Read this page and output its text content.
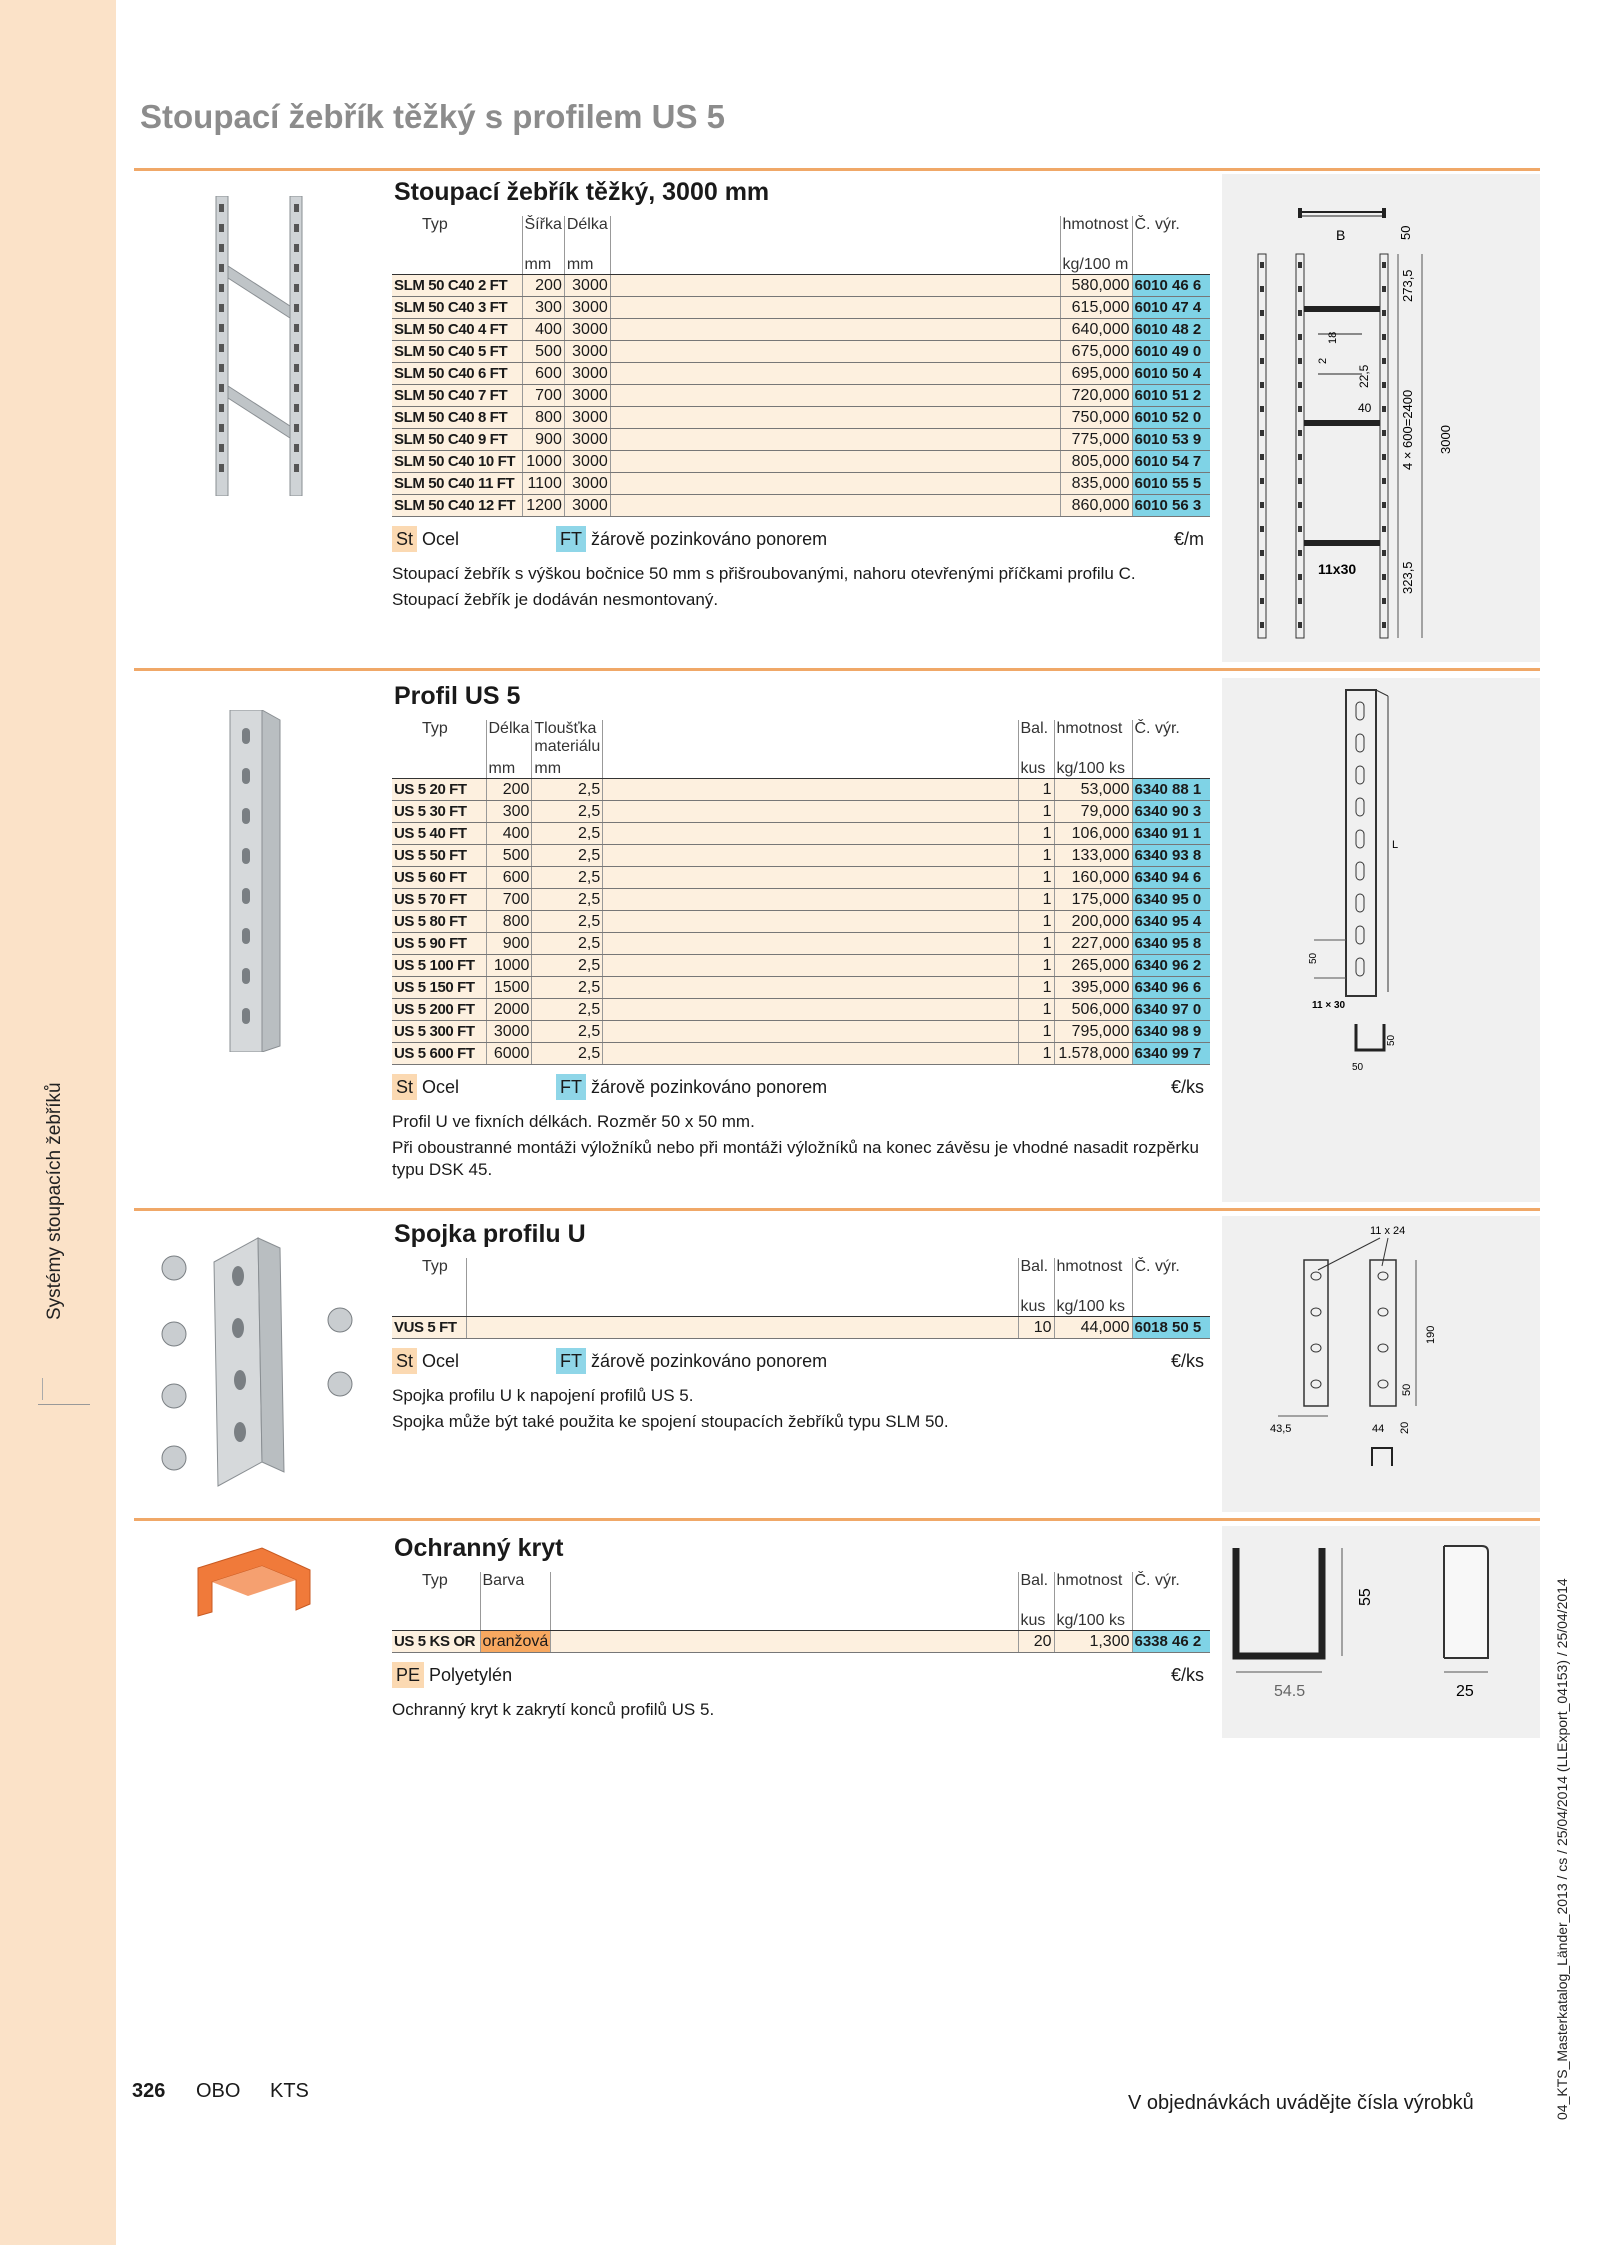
Systémy stoupacích žebříků
Stoupací žebřík těžký s profilem US 5
Stoupací žebřík těžký, 3000 mm
Typ	Šířka	Délka		hmotnost	Č. výr.
	mm	mm		kg/100 m	
SLM 50 C40 2 FT	200	3000		580,000	6010 46 6
SLM 50 C40 3 FT	300	3000		615,000	6010 47 4
SLM 50 C40 4 FT	400	3000		640,000	6010 48 2
SLM 50 C40 5 FT	500	3000		675,000	6010 49 0
SLM 50 C40 6 FT	600	3000		695,000	6010 50 4
SLM 50 C40 7 FT	700	3000		720,000	6010 51 2
SLM 50 C40 8 FT	800	3000		750,000	6010 52 0
SLM 50 C40 9 FT	900	3000		775,000	6010 53 9
SLM 50 C40 10 FT	1000	3000		805,000	6010 54 7
SLM 50 C40 11 FT	1100	3000		835,000	6010 55 5
SLM 50 C40 12 FT	1200	3000		860,000	6010 56 3
St Ocel	FT žárově pozinkováno ponorem	€/m

Stoupací žebřík s výškou bočnice 50 mm s přišroubovanými, nahoru otevřenými příčkami profilu C.

Stoupací žebřík je dodáván nesmontovaný.

B	50
18
2
22,5
40
273,5
4 × 600=2400 3000
323,5
11x30
Profil US 5
Typ	Délka	Tloušťka materiálu		Bal.	hmotnost	Č. výr.
	mm	mm		kus	kg/100 ks	
US 5 20 FT	200	2,5		1	53,000	6340 88 1
US 5 30 FT	300	2,5		1	79,000	6340 90 3
US 5 40 FT	400	2,5		1	106,000	6340 91 1
US 5 50 FT	500	2,5		1	133,000	6340 93 8
US 5 60 FT	600	2,5		1	160,000	6340 94 6
US 5 70 FT	700	2,5		1	175,000	6340 95 0
US 5 80 FT	800	2,5		1	200,000	6340 95 4
US 5 90 FT	900	2,5		1	227,000	6340 95 8
US 5 100 FT	1000	2,5		1	265,000	6340 96 2
US 5 150 FT	1500	2,5		1	395,000	6340 96 6
US 5 200 FT	2000	2,5		1	506,000	6340 97 0
US 5 300 FT	3000	2,5		1	795,000	6340 98 9
US 5 600 FT	6000	2,5		1	1.578,000	6340 99 7
St Ocel	FT žárově pozinkováno ponorem	€/ks

Profil U ve fixních délkách. Rozměr 50 x 50 mm.

Při oboustranné montáži výložníků nebo při montáži výložníků na konec závěsu je vhodné nasadit rozpěrku typu DSK 45.

L
50
11 × 30
50
50
Spojka profilu U
Typ		Bal.	hmotnost	Č. výr.
		kus	kg/100 ks	
VUS 5 FT		10	44,000	6018 50 5
St Ocel	FT žárově pozinkováno ponorem	€/ks

Spojka profilu U k napojení profilů US 5.

Spojka může být také použita ke spojení stoupacích žebříků typu SLM 50.

11 x 24
190
50
43,5	44 20
Ochranný kryt
Typ	Barva		Bal.	hmotnost	Č. výr.
			kus	kg/100 ks	
US 5 KS OR	oranžová		20	1,300	6338 46 2
PE Polyetylén	€/ks

Ochranný kryt k zakrytí konců profilů US 5.

54.5
55
25
326 OBO KTS
V objednávkách uvádějte čísla výrobků	04_KTS_Masterkatalog_Länder_2013 / cs / 25/04/2014 (LLExport_04153) / 25/04/2014
